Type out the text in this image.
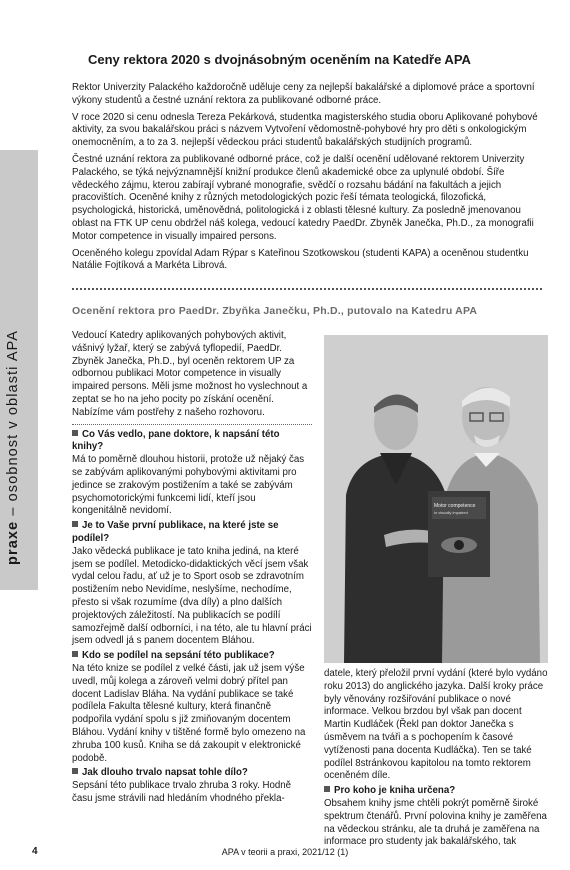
praxe – osobnost v oblasti APA
Ceny rektora 2020 s dvojnásobným oceněním na Katedře APA

Rektor Univerzity Palackého každoročně uděluje ceny za nejlepší bakalářské a diplomové práce a sportovní výkony studentů a čestné uznání rektora za publikované odborné práce.

V roce 2020 si cenu odnesla Tereza Pekárková, studentka magisterského studia oboru Aplikované pohybové aktivity, za svou bakalářskou práci s názvem Vytvoření vědomostně-pohybové hry pro děti s onkologickým onemocněním, a to za 3. nejlepší vědeckou práci studentů bakalářských studijních programů.

Čestné uznání rektora za publikované odborné práce, což je další ocenění udělované rektorem Univerzity Palackého, se týká nejvýznamnější knižní produkce členů akademické obce za uplynulé období. Šíře vědeckého zájmu, kterou zabírají vybrané monografie, svědčí o rozsahu bádání na fakultách a jejich pracovištích. Oceněné knihy z různých metodologických pozic řeší témata teologická, filozofická, psychologická, historická, uměnovědná, politologická i z oblasti tělesné kultury. Za posledně jmenovanou oblast na FTK UP cenu obdržel náš kolega, vedoucí katedry PaedDr. Zbyněk Janečka, Ph.D., za monografii Motor competence in visually impaired persons.

Oceněného kolegu zpovídal Adam Rýpar s Kateřinou Szotkowskou (studenti KAPA) a oceněnou studentku Natálie Fojtíková a Markéta Librová.

Ocenění rektora pro PaedDr. Zbyňka Janečku, Ph.D., putovalo na Katedru APA

Vedoucí Katedry aplikovaných pohybových aktivit, vášnivý lyžař, který se zabývá tyflopedií, PaedDr. Zbyněk Janečka, Ph.D., byl oceněn rektorem UP za odbornou publikaci Motor competence in visually impaired persons. Měli jsme možnost ho vyslechnout a zeptat se ho na jeho pocity po získání ocenění. Nabízíme vám postřehy z našeho rozhovoru.

Co Vás vedlo, pane doktore, k napsání této knihy?

Má to poměrně dlouhou historii, protože už nějaký čas se zabývám aplikovanými pohybovými aktivitami pro jedince se zrakovým postižením a také se zabývám psychomotorickými funkcemi lidí, kteří jsou kongenitálně nevidomí.

Je to Vaše první publikace, na které jste se podílel?

Jako vědecká publikace je tato kniha jediná, na které jsem se podílel. Metodicko-didaktických věcí jsem však vydal celou řadu, ať už je to Sport osob se zdravotním postižením nebo Nevidíme, neslyšíme, nechodíme, přesto si však rozumíme (dva díly) a plno dalších projektových záležitostí. Na publikacích se podílí samozřejmě další odborníci, i na této, ale tu hlavní práci jsem odvedl já s panem docentem Bláhou.

Kdo se podílel na sepsání této publikace?

Na této knize se podílel z velké části, jak už jsem výše uvedl, můj kolega a zároveň velmi dobrý přítel pan docent Ladislav Bláha. Na vydání publikace se také podílela Fakulta tělesné kultury, která finančně podpořila vydání spolu s již zmiňovaným docentem Bláhou. Vydání knihy v tištěné formě bylo omezeno na zhruba 100 kusů. Kniha se dá zakoupit v elektronické podobě.

Jak dlouho trvalo napsat tohle dílo?

Sepsání této publikace trvalo zhruba 3 roky. Hodně času jsme strávili nad hledáním vhodného překla-

Motor competence
in visually impaired

datele, který přeložil první vydání (které bylo vydáno roku 2013) do anglického jazyka. Další kroky práce byly věnovány rozšiřování publikace o nové informace. Velkou brzdou byl však pan docent Martin Kudláček (Řekl pan doktor Janečka s úsměvem na tváři a s pochopením k časové vytíženosti pana docenta Kudláčka). Ten se také podílel 8stránkovou kapitolou na tomto rektorem oceněném díle.

Pro koho je kniha určena?

Obsahem knihy jsme chtěli pokrýt poměrně široké spektrum čtenářů. První polovina knihy je zaměřena na vědeckou stránku, ale ta druhá je zaměřena na informace pro studenty jak bakalářského, tak

4	APA v teorii a praxi, 2021/12 (1)
